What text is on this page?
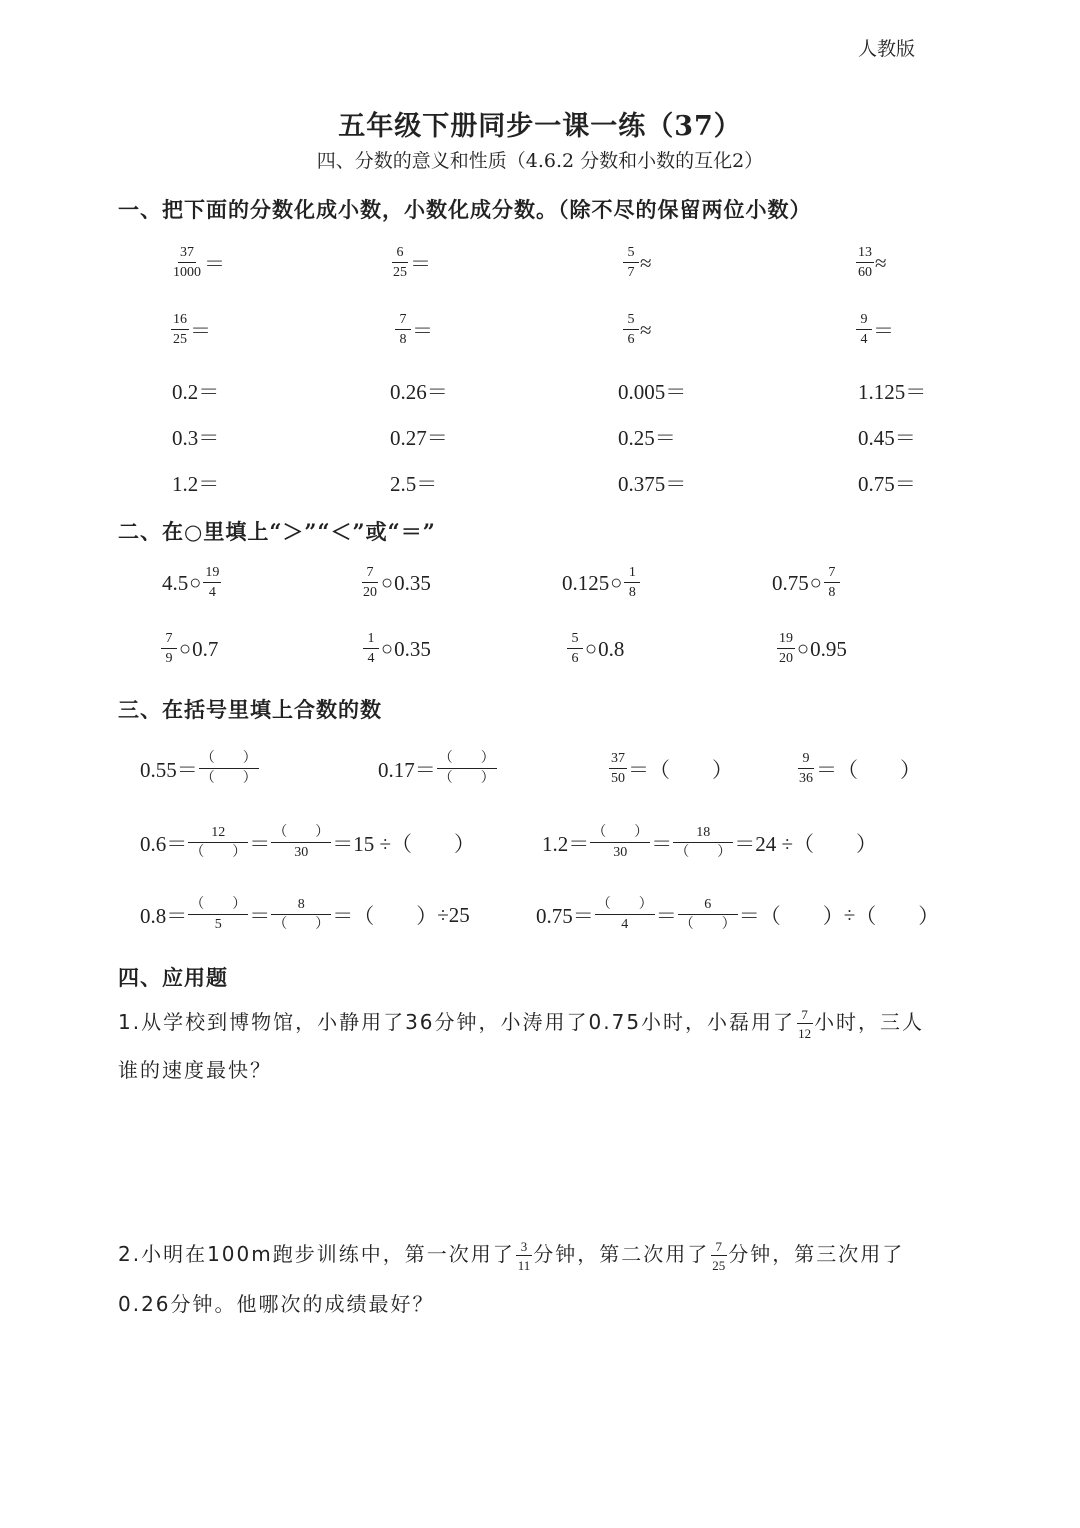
人教版
五年级下册同步一课一练（37）
四、分数的意义和性质（4.6.2 分数和小数的互化2）
一、把下面的分数化成小数，小数化成分数。（除不尽的保留两位小数）
$\frac{37}{1000}$ ＝	$\frac{6}{25}$ ＝	$\frac{5}{7}$ ≈	$\frac{13}{60}$ ≈
$\frac{16}{25}$ ＝	$\frac{7}{8}$ ＝	$\frac{5}{6}$ ≈	$\frac{9}{4}$ ＝
0.2＝	0.26＝	0.005＝	1.125＝
0.3＝	0.27＝	0.25＝	0.45＝
1.2＝	2.5＝	0.375＝	0.75＝
二、在○里填上“＞”“＜”或“＝”
4.5 ○ $\frac{19}{4}$	$\frac{7}{20}$ ○ 0.35	0.125 ○ $\frac{1}{8}$	0.75 ○ $\frac{7}{8}$
$\frac{7}{9}$ ○ 0.7	$\frac{1}{4}$ ○ 0.35	$\frac{5}{6}$ ○ 0.8	$\frac{19}{20}$ ○ 0.95
三、在括号里填上合数的数
$0.55= \frac{( )}{( )}$	$0.17= \frac{( )}{( )}$	$\frac{37}{50}$ ＝ （　　）	$\frac{9}{36}$ ＝ （　　）
$0.6= \frac{12}{( )} = \frac{( )}{30} =15$ ÷ （　　）	$1.2= \frac{( )}{30} = \frac{18}{( )} =24$ ÷ （　　）
$0.8= \frac{( )}{5} = \frac{8}{( )}$ ＝ （　　） ÷25	$0.75= \frac{( )}{4} = \frac{6}{( )}$ ＝ （　　） ÷ （　　）
四、应用题
1.从学校到博物馆，小静用了36分钟，小涛用了0.75小时，小磊用了 $\frac{7}{12}$ 小时，三人
谁的速度最快？
2.小明在100m跑步训练中，第一次用了 $\frac{3}{11}$ 分钟，第二次用了 $\frac{7}{25}$ 分钟，第三次用了
0.26分钟。他哪次的成绩最好？
